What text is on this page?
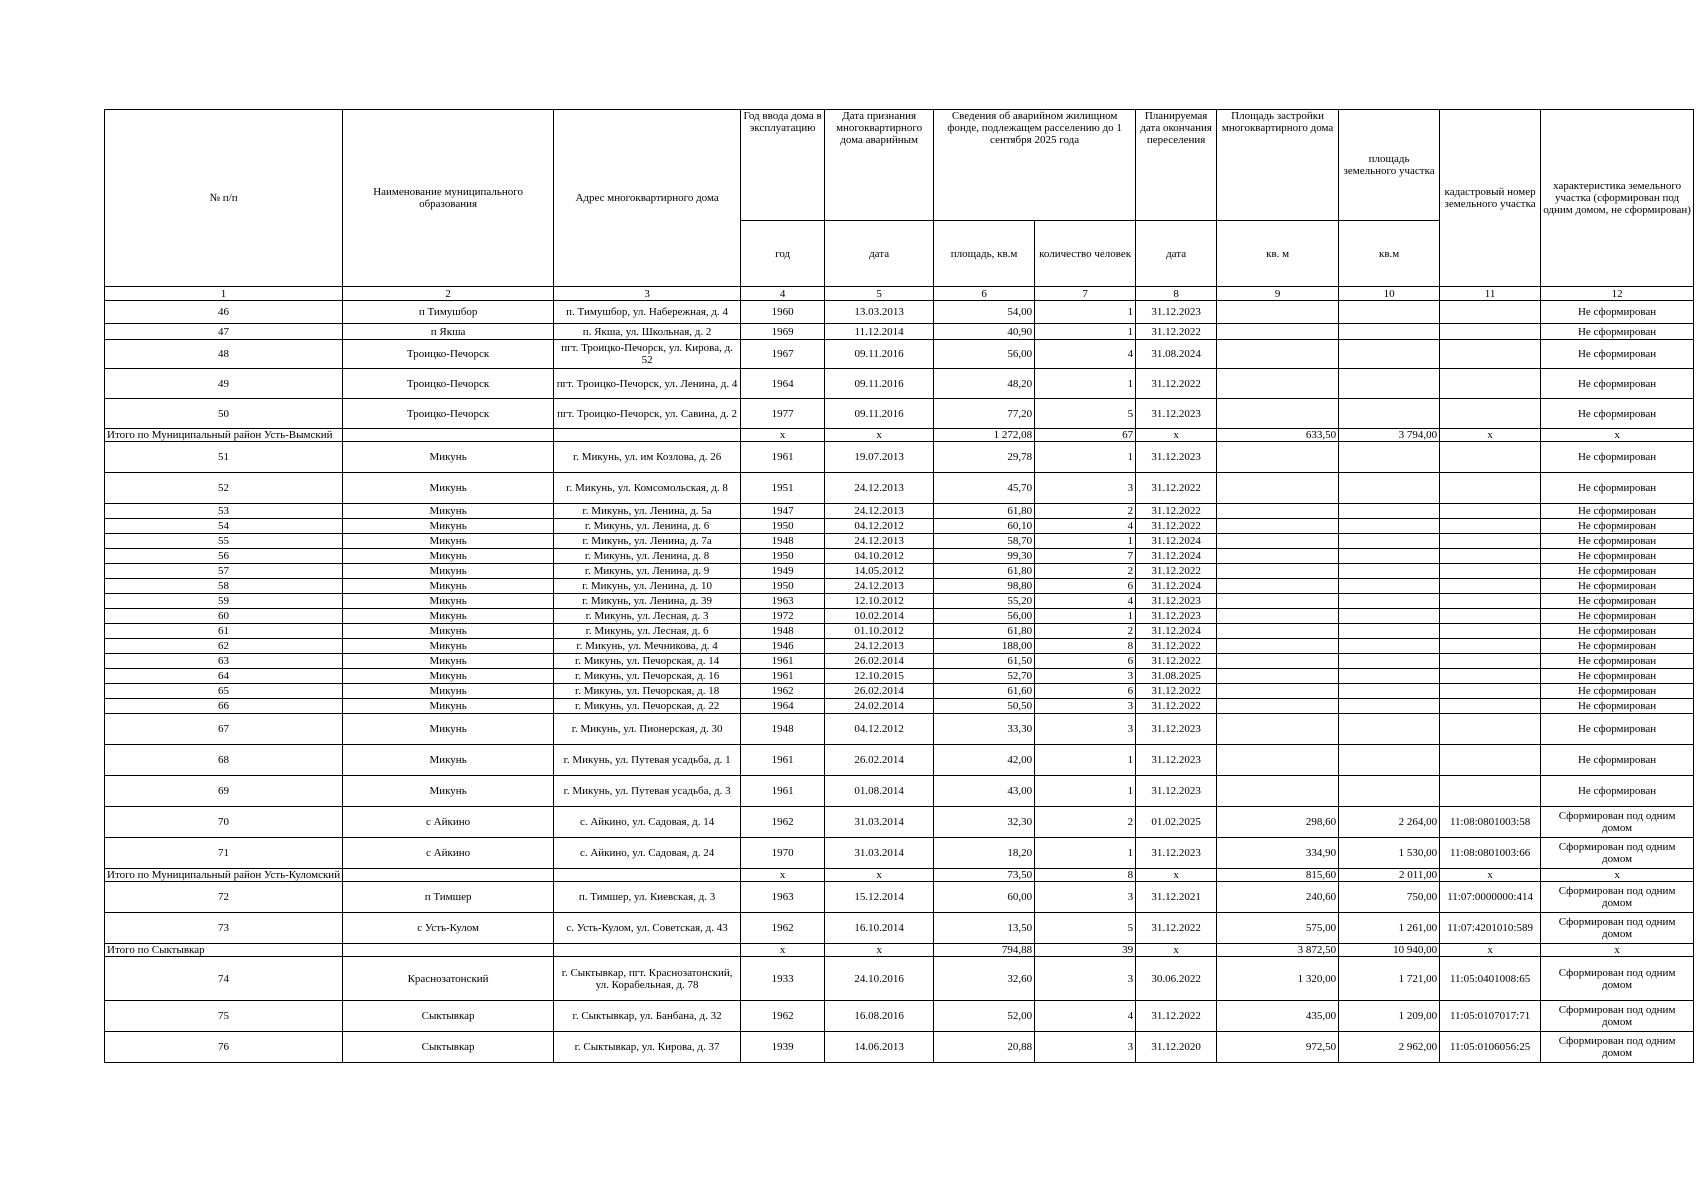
№ п/п	Наименование муниципального образования	Адрес многоквартирного дома	Год ввода дома в эксплуатацию	Дата признания многоквартирного дома аварийным	Сведения об аварийном жилищном фонде, подлежащем расселению до 1 сентября 2025 года		Планируемая дата окончания переселения	Площадь застройки многоквартирного дома	площадь земельного участка	кадастровый номер земельного участка	характеристика земельного участка (сформирован под одним домом, не сформирован)
			год	дата	площадь, кв.м	количество человек	дата	кв. м	кв.м		
1	2	3	4	5	6	7	8	9	10	11	12
46	п Тимушбор	п. Тимушбор, ул. Набережная, д. 4	1960	13.03.2013	54,00	1	31.12.2023				Не сформирован
47	п Якша	п. Якша, ул. Школьная, д. 2	1969	11.12.2014	40,90	1	31.12.2022				Не сформирован
48	Троицко-Печорск	пгт. Троицко-Печорск, ул. Кирова, д. 52	1967	09.11.2016	56,00	4	31.08.2024				Не сформирован
49	Троицко-Печорск	пгт. Троицко-Печорск, ул. Ленина, д. 4	1964	09.11.2016	48,20	1	31.12.2022				Не сформирован
50	Троицко-Печорск	пгт. Троицко-Печорск, ул. Савина, д. 2	1977	09.11.2016	77,20	5	31.12.2023				Не сформирован
Итого по Муниципальный район Усть-Вымский			х	х	1 272,08	67	х	633,50	3 794,00	х	х
51	Микунь	г. Микунь, ул. им Козлова, д. 26	1961	19.07.2013	29,78	1	31.12.2023				Не сформирован
52	Микунь	г. Микунь, ул. Комсомольская, д. 8	1951	24.12.2013	45,70	3	31.12.2022				Не сформирован
53	Микунь	г. Микунь, ул. Ленина, д. 5а	1947	24.12.2013	61,80	2	31.12.2022				Не сформирован
54	Микунь	г. Микунь, ул. Ленина, д. 6	1950	04.12.2012	60,10	4	31.12.2022				Не сформирован
55	Микунь	г. Микунь, ул. Ленина, д. 7а	1948	24.12.2013	58,70	1	31.12.2024				Не сформирован
56	Микунь	г. Микунь, ул. Ленина, д. 8	1950	04.10.2012	99,30	7	31.12.2024				Не сформирован
57	Микунь	г. Микунь, ул. Ленина, д. 9	1949	14.05.2012	61,80	2	31.12.2022				Не сформирован
58	Микунь	г. Микунь, ул. Ленина, д. 10	1950	24.12.2013	98,80	6	31.12.2024				Не сформирован
59	Микунь	г. Микунь, ул. Ленина, д. 39	1963	12.10.2012	55,20	4	31.12.2023				Не сформирован
60	Микунь	г. Микунь, ул. Лесная, д. 3	1972	10.02.2014	56,00	1	31.12.2023				Не сформирован
61	Микунь	г. Микунь, ул. Лесная, д. 6	1948	01.10.2012	61,80	2	31.12.2024				Не сформирован
62	Микунь	г. Микунь, ул. Мечникова, д. 4	1946	24.12.2013	188,00	8	31.12.2022				Не сформирован
63	Микунь	г. Микунь, ул. Печорская, д. 14	1961	26.02.2014	61,50	6	31.12.2022				Не сформирован
64	Микунь	г. Микунь, ул. Печорская, д. 16	1961	12.10.2015	52,70	3	31.08.2025				Не сформирован
65	Микунь	г. Микунь, ул. Печорская, д. 18	1962	26.02.2014	61,60	6	31.12.2022				Не сформирован
66	Микунь	г. Микунь, ул. Печорская, д. 22	1964	24.02.2014	50,50	3	31.12.2022				Не сформирован
67	Микунь	г. Микунь, ул. Пионерская, д. 30	1948	04.12.2012	33,30	3	31.12.2023				Не сформирован
68	Микунь	г. Микунь, ул. Путевая усадьба, д. 1	1961	26.02.2014	42,00	1	31.12.2023				Не сформирован
69	Микунь	г. Микунь, ул. Путевая усадьба, д. 3	1961	01.08.2014	43,00	1	31.12.2023				Не сформирован
70	с Айкино	с. Айкино, ул. Садовая, д. 14	1962	31.03.2014	32,30	2	01.02.2025	298,60	2 264,00	11:08:0801003:58	Сформирован под одним домом
71	с Айкино	с. Айкино, ул. Садовая, д. 24	1970	31.03.2014	18,20	1	31.12.2023	334,90	1 530,00	11:08:0801003:66	Сформирован под одним домом
Итого по Муниципальный район Усть-Куломский			х	х	73,50	8	х	815,60	2 011,00	х	х
72	п Тимшер	п. Тимшер, ул. Киевская, д. 3	1963	15.12.2014	60,00	3	31.12.2021	240,60	750,00	11:07:0000000:414	Сформирован под одним домом
73	с Усть-Кулом	с. Усть-Кулом, ул. Советская, д. 43	1962	16.10.2014	13,50	5	31.12.2022	575,00	1 261,00	11:07:4201010:589	Сформирован под одним домом
Итого по Сыктывкар			х	х	794,88	39	х	3 872,50	10 940,00	х	х
74	Краснозатонский	г. Сыктывкар, пгт. Краснозатонский, ул. Корабельная, д. 78	1933	24.10.2016	32,60	3	30.06.2022	1 320,00	1 721,00	11:05:0401008:65	Сформирован под одним домом
75	Сыктывкар	г. Сыктывкар, ул. Банбана, д. 32	1962	16.08.2016	52,00	4	31.12.2022	435,00	1 209,00	11:05:0107017:71	Сформирован под одним домом
76	Сыктывкар	г. Сыктывкар, ул. Кирова, д. 37	1939	14.06.2013	20,88	3	31.12.2020	972,50	2 962,00	11:05:0106056:25	Сформирован под одним домом
